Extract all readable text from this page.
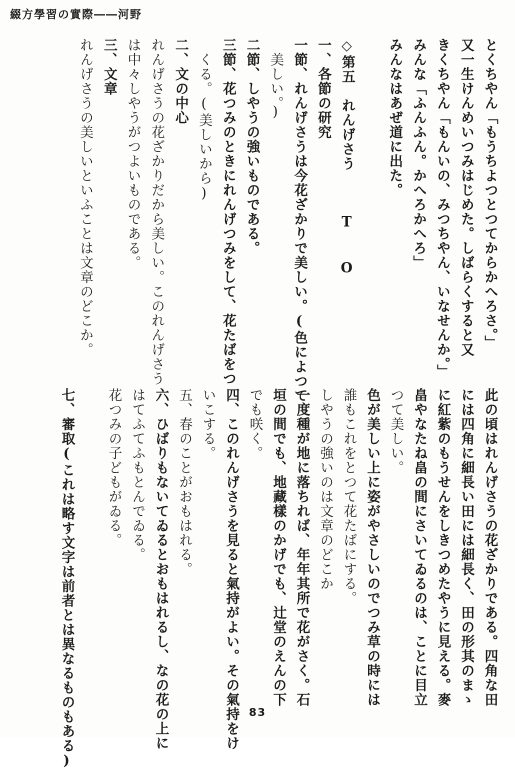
綴方學習の實際――河野
とくちやん「もうちよつとつてからかへろさ。」
又一生けんめいつみはじめた。しばらくすると又
きくちやん「もんいの、みつちやん、いなせんか。」
みんな「ふんふん。かへろかへろ」
みんなはあぜ道に出た。
◇第五　れんげさう　　　T　　O
一、各節の研究
一節、れんげさうは今花ざかりで美しい。(色によつて
　美しい。)
二節、しやうの強いものである。
三節、花つみのときにれんげつみをして、花たばをつ
　くる。(美しいから)
二、文の中心
れんげさうの花ざかりだから美しい。このれんげさう
は中々しやうがつよいものである。
三、文章
れんげさうの美しいといふことは文章のどこか。
此の頃はれんげさうの花ざかりである。四角な田
には四角に細長い田には細長く、田の形其のまゝ
に紅紫のもうせんをしきつめたやうに見える。麥
畠やなたね畠の間にさいてゐるのは、ことに目立
つて美しい。
色が美しい上に姿がやさしいのでつみ草の時には
誰もこれをとつて花たばにする。
しやうの強いのは文章のどこか
一度種が地に落ちれば、年年其所で花がさく。石
垣の間でも、地藏樣のかげでも、辻堂のえんの下
でも咲く。
四、このれんげさうを見ると氣持がよい。その氣持をけ
いこする。
五、春のことがおもはれる。
六、ひばりもないてゐるとおもはれるし、なの花の上に
はてふてふもとんでゐる。
花つみの子どもがゐる。
七、審取(これは略す文字は前者とは異なるものもある)	83
